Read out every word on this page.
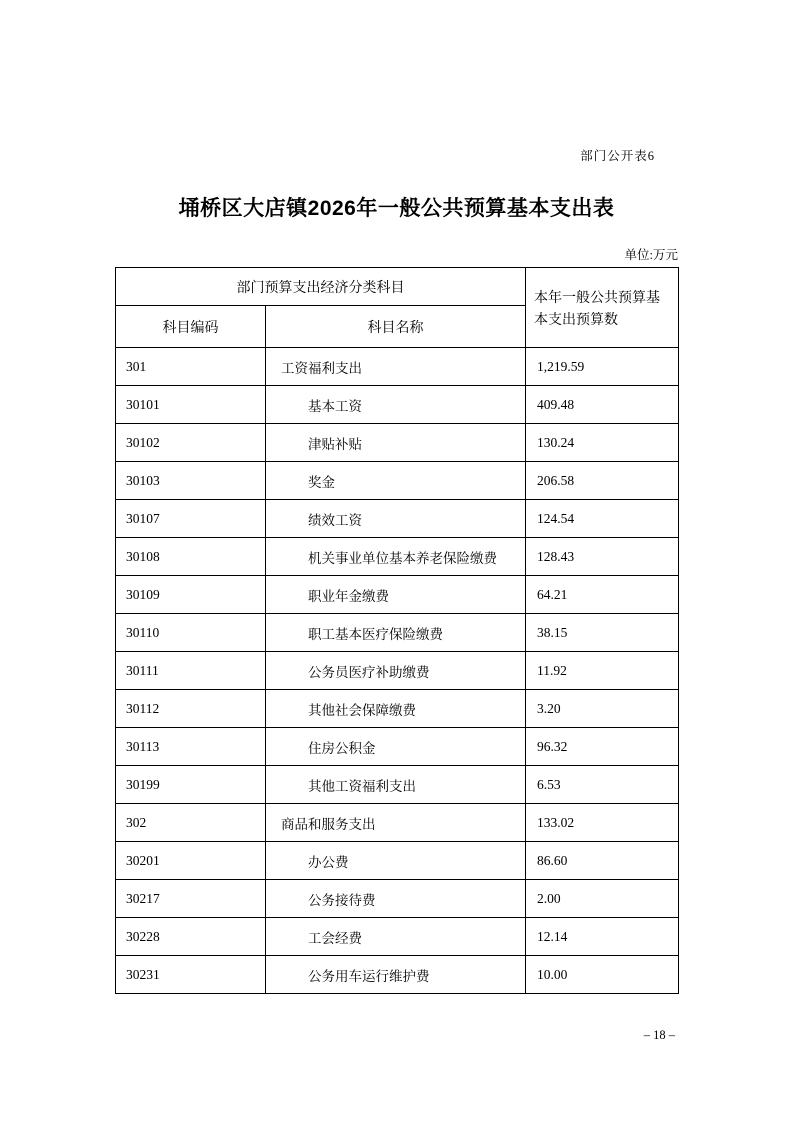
部门公开表6
埇桥区大店镇2026年一般公共预算基本支出表
单位:万元
部门预算支出经济分类科目		本年一般公共预算基
本支出预算数

科目编码	科目名称	
301	工资福利支出	1,219.59
30101	基本工资	409.48
30102	津贴补贴	130.24
30103	奖金	206.58
30107	绩效工资	124.54
30108	机关事业单位基本养老保险缴费	128.43
30109	职业年金缴费	64.21
30110	职工基本医疗保险缴费	38.15
30111	公务员医疗补助缴费	11.92
30112	其他社会保障缴费	3.20
30113	住房公积金	96.32
30199	其他工资福利支出	6.53
302	商品和服务支出	133.02
30201	办公费	86.60
30217	公务接待费	2.00
30228	工会经费	12.14
30231	公务用车运行维护费	10.00
– 18 –
